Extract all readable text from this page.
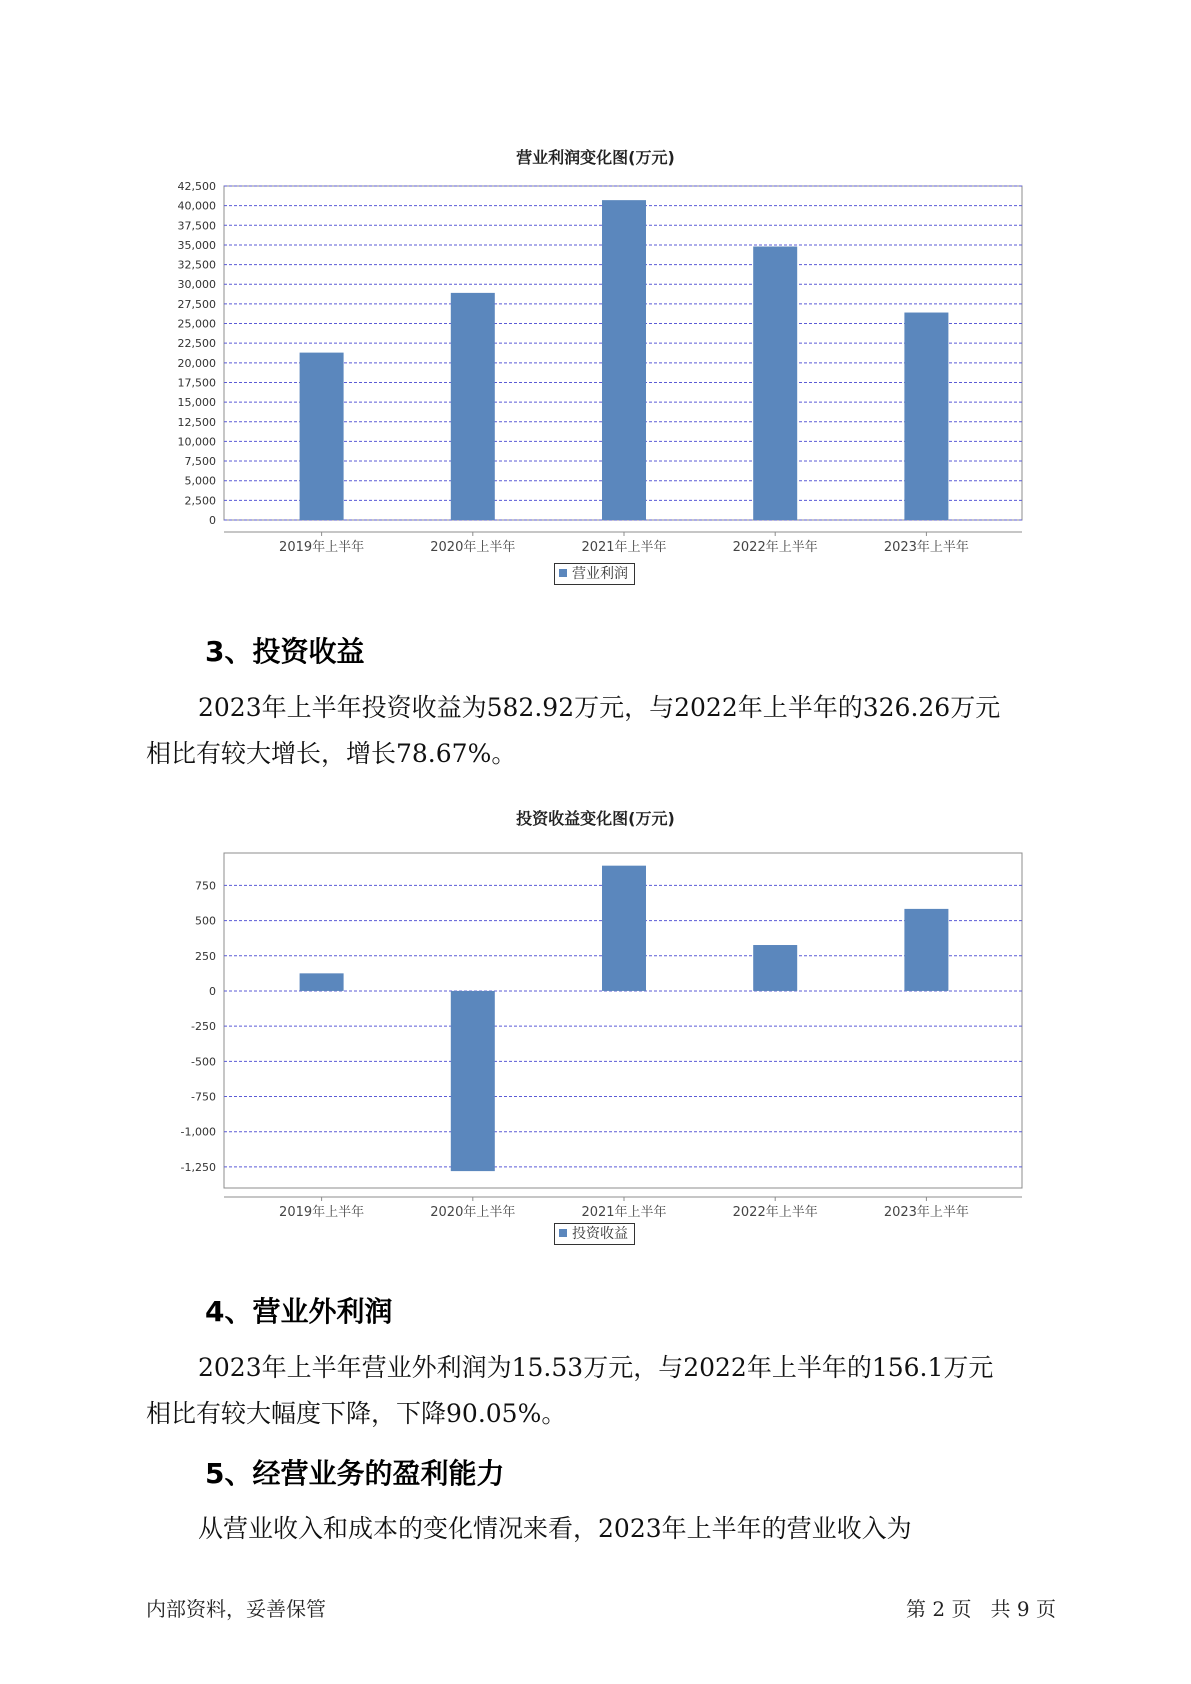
营业利润变化图(万元)
0
2,500
5,000
7,500
10,000
12,500
15,000
17,500
20,000
22,500
25,000
27,500
30,000
32,500
35,000
37,500
40,000
42,500
2019年上半年	2020年上半年	2021年上半年	2022年上半年	2023年上半年
营业利润
3、投资收益

2023年上半年投资收益为582.92万元，与2022年上半年的326.26万元
相比有较大增长，增长78.67%。

投资收益变化图(万元)
-1,250
-1,000
-750
-500
-250
0
250
500
750
2019年上半年	2020年上半年	2021年上半年	2022年上半年	2023年上半年
投资收益
4、营业外利润

2023年上半年营业外利润为15.53万元，与2022年上半年的156.1万元
相比有较大幅度下降，下降90.05%。

5、经营业务的盈利能力

从营业收入和成本的变化情况来看，2023年上半年的营业收入为

内部资料，妥善保管	第 2 页   共 9 页
